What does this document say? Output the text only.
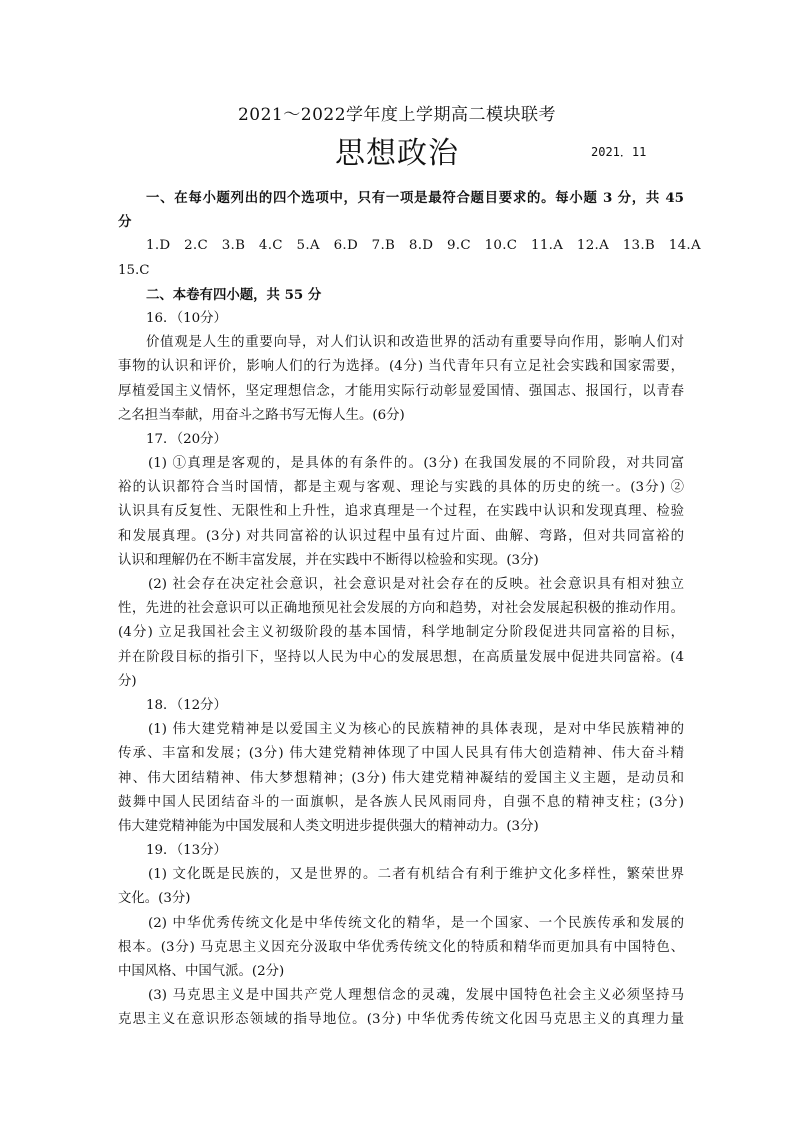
2021～2022学年度上学期高二模块联考
思想政治	2021．11
一、在每小题列出的四个选项中，只有一项是最符合题目要求的。每小题 3 分，共 45
分
1.D　2.C　3.B　4.C　5.A　6.D　7.B　8.D　9.C　10.C　11.A　12.A　13.B　14.A
15.C
二、本卷有四小题，共 55 分
16．（10分）
价值观是人生的重要向导，对人们认识和改造世界的活动有重要导向作用，影响人们对
事物的认识和评价，影响人们的行为选择。(4分) 当代青年只有立足社会实践和国家需要，
厚植爱国主义情怀，坚定理想信念，才能用实际行动彰显爱国情、强国志、报国行，以青春
之名担当奉献，用奋斗之路书写无悔人生。(6分)
17．（20分）
(1) ①真理是客观的，是具体的有条件的。(3分) 在我国发展的不同阶段，对共同富
裕的认识都符合当时国情，都是主观与客观、理论与实践的具体的历史的统一。(3分) ②
认识具有反复性、无限性和上升性，追求真理是一个过程，在实践中认识和发现真理、检验
和发展真理。(3分) 对共同富裕的认识过程中虽有过片面、曲解、弯路，但对共同富裕的
认识和理解仍在不断丰富发展，并在实践中不断得以检验和实现。(3分)
(2) 社会存在决定社会意识，社会意识是对社会存在的反映。社会意识具有相对独立
性，先进的社会意识可以正确地预见社会发展的方向和趋势，对社会发展起积极的推动作用。
(4分) 立足我国社会主义初级阶段的基本国情，科学地制定分阶段促进共同富裕的目标，
并在阶段目标的指引下，坚持以人民为中心的发展思想，在高质量发展中促进共同富裕。(4
分)
18．（12分）
(1) 伟大建党精神是以爱国主义为核心的民族精神的具体表现，是对中华民族精神的
传承、丰富和发展；(3分) 伟大建党精神体现了中国人民具有伟大创造精神、伟大奋斗精
神、伟大团结精神、伟大梦想精神；(3分) 伟大建党精神凝结的爱国主义主题，是动员和
鼓舞中国人民团结奋斗的一面旗帜，是各族人民风雨同舟，自强不息的精神支柱；(3分)
伟大建党精神能为中国发展和人类文明进步提供强大的精神动力。(3分)
19．（13分）
(1) 文化既是民族的，又是世界的。二者有机结合有利于维护文化多样性，繁荣世界
文化。(3分)
(2) 中华优秀传统文化是中华传统文化的精华，是一个国家、一个民族传承和发展的
根本。(3分) 马克思主义因充分汲取中华优秀传统文化的特质和精华而更加具有中国特色、
中国风格、中国气派。(2分)
(3) 马克思主义是中国共产党人理想信念的灵魂，发展中国特色社会主义必须坚持马
克思主义在意识形态领域的指导地位。(3分) 中华优秀传统文化因马克思主义的真理力量
